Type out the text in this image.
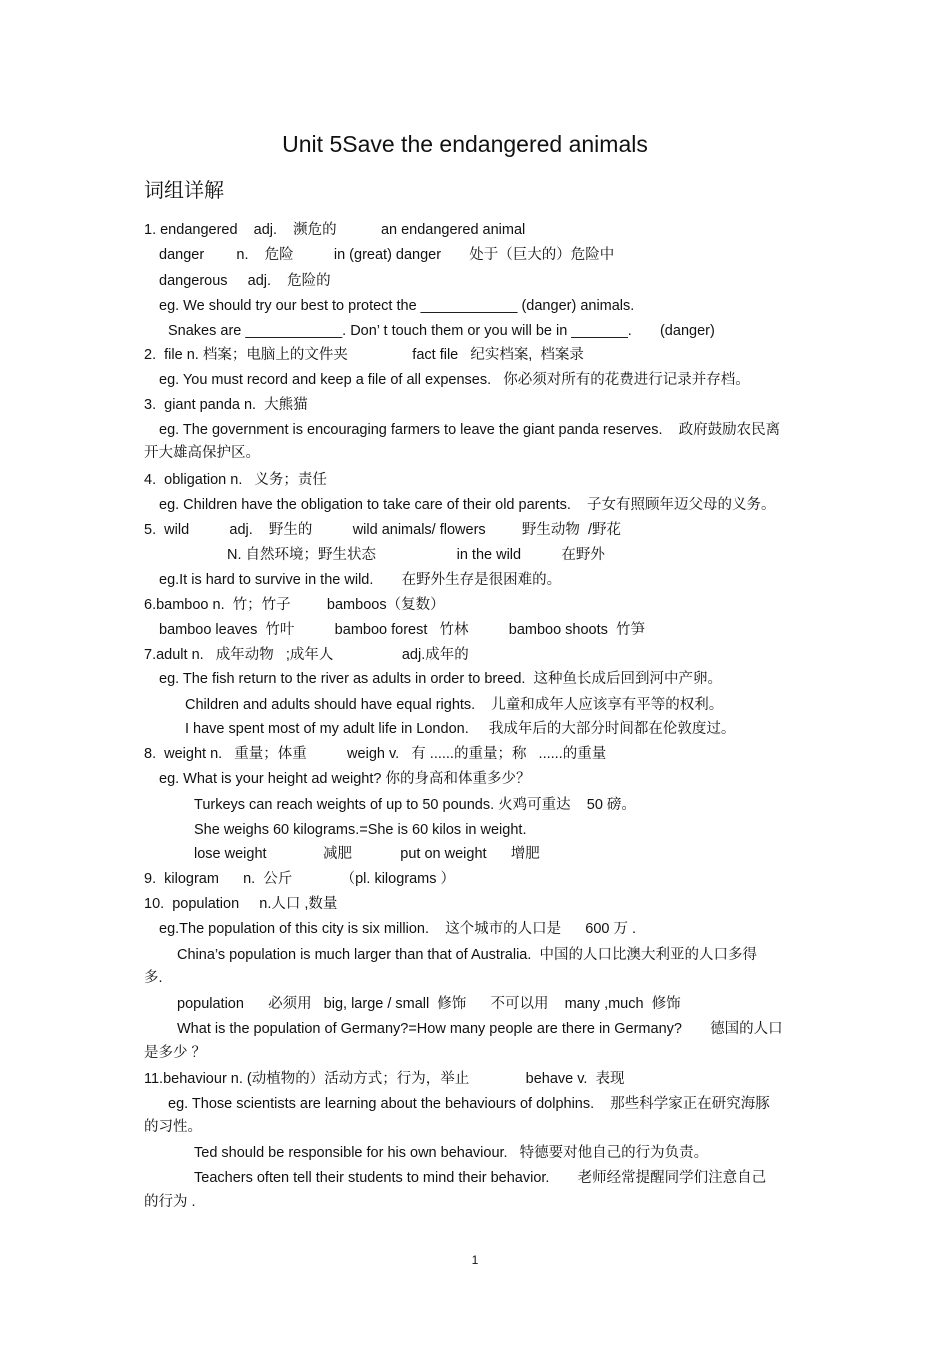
Unit 5Save the endangered animals
词组详解
1. endangered    adj.    濒危的           an endangered animal
danger        n.    危险          in (great) danger       处于（巨大的）危险中
dangerous     adj.    危险的
eg. We should try our best to protect the ____________ (danger) animals.
Snakes are ____________. Don’ t touch them or you will be in _______.       (danger)
2.  file n. 档案；电脑上的文件夹                fact file   纪实档案,  档案录
eg. You must record and keep a file of all expenses.   你必须对所有的花费进行记录并存档。
3.  giant panda n.  大熊猫
eg. The government is encouraging farmers to leave the giant panda reserves.    政府鼓励农民离
开大雄高保护区。
4.  obligation n.   义务；责任
eg. Children have the obligation to take care of their old parents.    子女有照顾年迈父母的义务。
5.  wild          adj.    野生的          wild animals/ flowers         野生动物  /野花
N. 自然环境；野生状态                    in the wild          在野外
eg.It is hard to survive in the wild.       在野外生存是很困难的。
6.bamboo n.  竹；竹子         bamboos（复数）
bamboo leaves  竹叶          bamboo forest   竹林          bamboo shoots  竹笋
7.adult n.   成年动物   ;成年人                 adj.成年的
eg. The fish return to the river as adults in order to breed.  这种鱼长成后回到河中产卵。
Children and adults should have equal rights.    儿童和成年人应该享有平等的权利。
I have spent most of my adult life in London.     我成年后的大部分时间都在伦敦度过。
8.  weight n.   重量；体重          weigh v.   有 ......的重量；称   ......的重量
eg. What is your height ad weight? 你的身高和体重多少？
Turkeys can reach weights of up to 50 pounds. 火鸡可重达    50 磅。
She weighs 60 kilograms.=She is 60 kilos in weight.
lose weight              减肥            put on weight      增肥
9.  kilogram      n.  公斤            （pl. kilograms ）
10.  population     n.人口 ,数量
eg.The population of this city is six million.    这个城市的人口是      600 万 .
China’s population is much larger than that of Australia.  中国的人口比澳大利亚的人口多得
多.
population      必须用   big, large / small  修饰      不可以用    many ,much  修饰
What is the population of Germany?=How many people are there in Germany?       德国的人口
是多少 ？
11.behaviour n. (动植物的）活动方式；行为，举止              behave v.  表现
eg. Those scientists are learning about the behaviours of dolphins.    那些科学家正在研究海豚
的习性。
Ted should be responsible for his own behaviour.   特德要对他自己的行为负责。
Teachers often tell their students to mind their behavior.       老师经常提醒同学们注意自己
的行为 .
1
